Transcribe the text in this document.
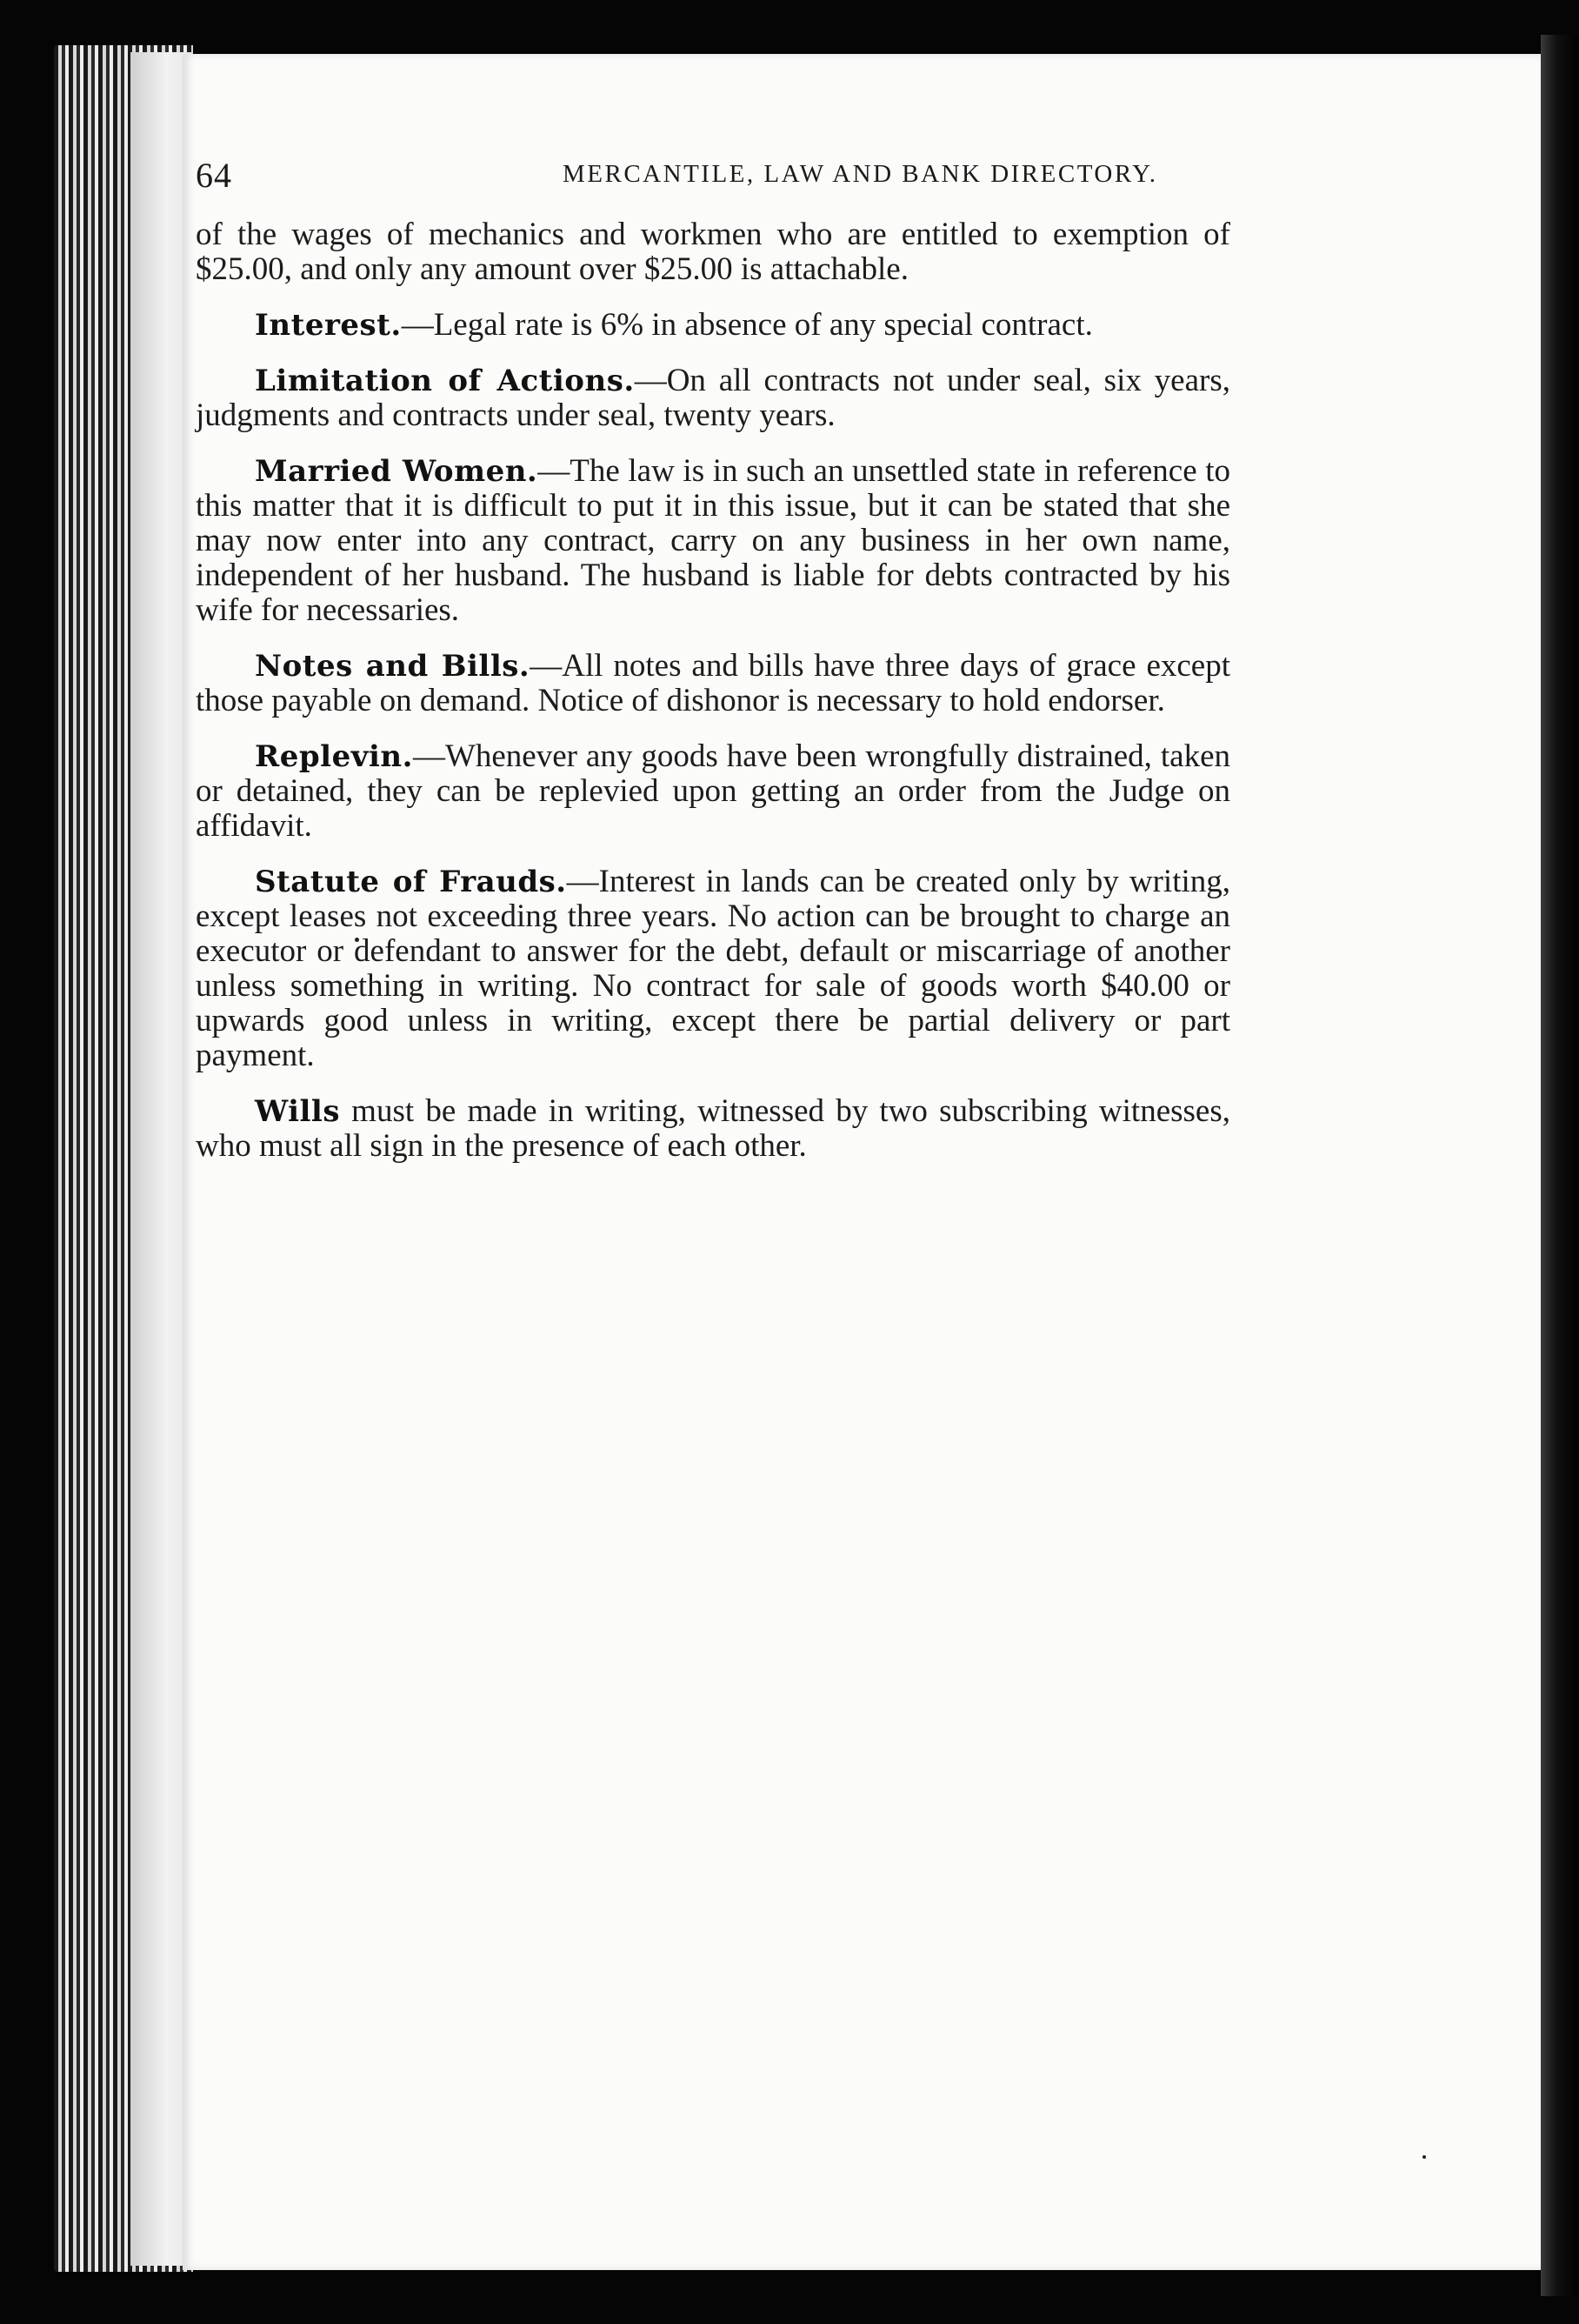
64	MERCANTILE, LAW AND BANK DIRECTORY.

of the wages of mechanics and workmen who are entitled to exemption of $25.00, and only any amount over $25.00 is attachable.

Interest.—Legal rate is 6% in absence of any special contract.

Limitation of Actions.—On all contracts not under seal, six years, judgments and contracts under seal, twenty years.

Married Women.—The law is in such an unsettled state in reference to this matter that it is difficult to put it in this issue, but it can be stated that she may now enter into any contract, carry on any business in her own name, independent of her husband. The husband is liable for debts contracted by his wife for necessaries.

Notes and Bills.—All notes and bills have three days of grace except those payable on demand. Notice of dishonor is necessary to hold endorser.

Replevin.—Whenever any goods have been wrongfully distrained, taken or detained, they can be replevied upon getting an order from the Judge on affidavit.

Statute of Frauds.—Interest in lands can be created only by writing, except leases not exceeding three years. No action can be brought to charge an executor or defendant to answer for the debt, default or miscarriage of another unless something in writing. No contract for sale of goods worth $40.00 or upwards good unless in writing, except there be partial delivery or part payment.

Wills must be made in writing, witnessed by two subscribing witnesses, who must all sign in the presence of each other.
